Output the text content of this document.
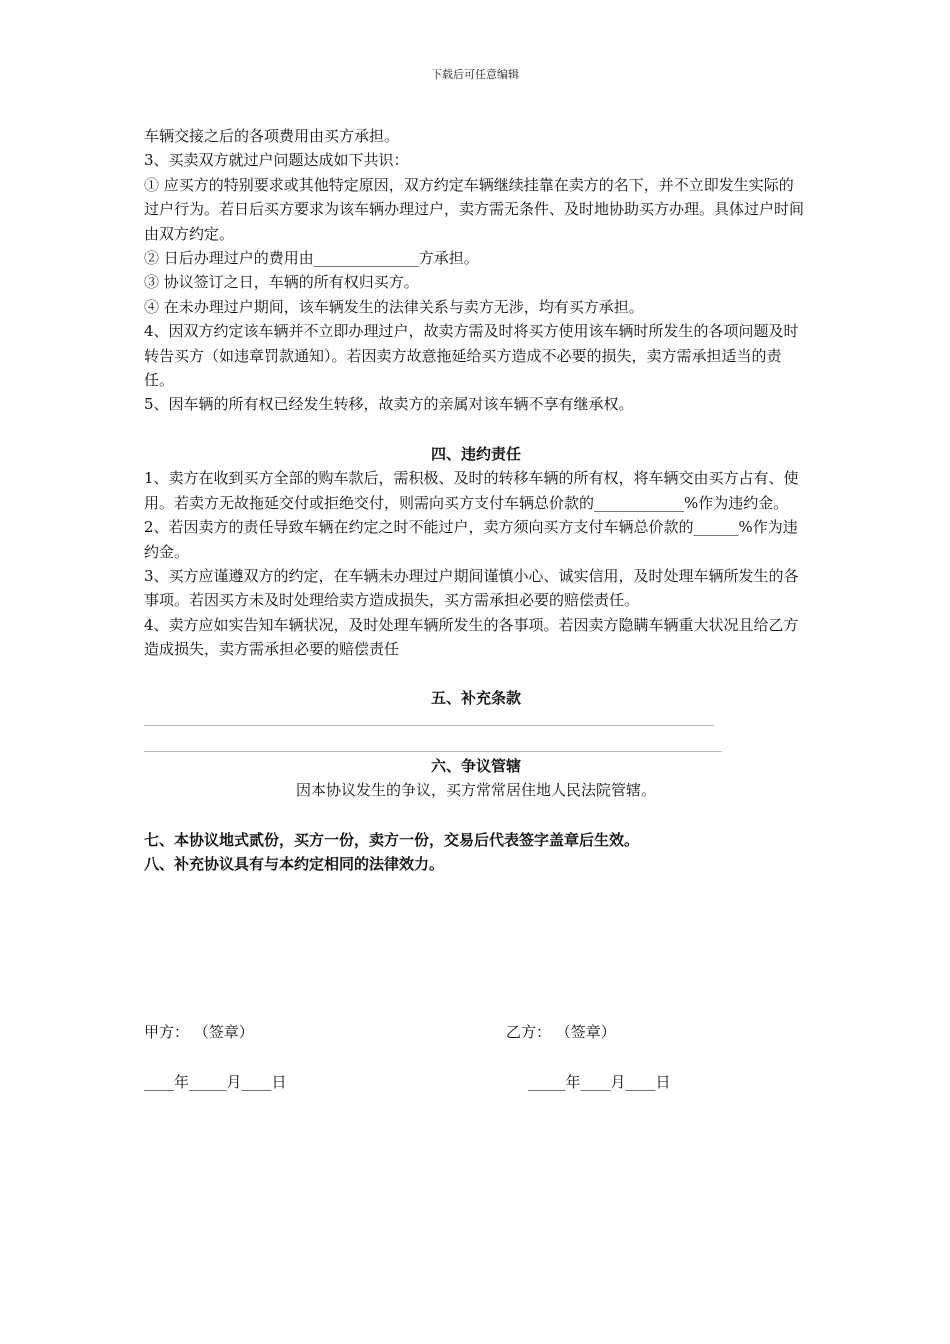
下载后可任意编辑

车辆交接之后的各项费用由买方承担。

3、买卖双方就过户问题达成如下共识：

① 应买方的特别要求或其他特定原因，双方约定车辆继续挂靠在卖方的名下，并不立即发生实际的过户行为。若日后买方要求为该车辆办理过户，卖方需无条件、及时地协助买方办理。具体过户时间由双方约定。

② 日后办理过户的费用由______________方承担。

③ 协议签订之日，车辆的所有权归买方。

④ 在未办理过户期间，该车辆发生的法律关系与卖方无涉，均有买方承担。

4、因双方约定该车辆并不立即办理过户，故卖方需及时将买方使用该车辆时所发生的各项问题及时转告买方（如违章罚款通知）。若因卖方故意拖延给买方造成不必要的损失，卖方需承担适当的责任。

5、因车辆的所有权已经发生转移，故卖方的亲属对该车辆不享有继承权。

四、违约责任

1、卖方在收到买方全部的购车款后，需积极、及时的转移车辆的所有权，将车辆交由买方占有、使用。若卖方无故拖延交付或拒绝交付，则需向买方支付车辆总价款的____________%作为违约金。

2、若因卖方的责任导致车辆在约定之时不能过户，卖方须向买方支付车辆总价款的______%作为违约金。

3、买方应谨遵双方的约定，在车辆未办理过户期间谨慎小心、诚实信用，及时处理车辆所发生的各事项。若因买方未及时处理给卖方造成损失，买方需承担必要的赔偿责任。

4、卖方应如实告知车辆状况，及时处理车辆所发生的各事项。若因卖方隐瞒车辆重大状况且给乙方造成损失，卖方需承担必要的赔偿责任

五、补充条款

六、争议管辖

因本协议发生的争议，买方常常居住地人民法院管辖。

七、本协议地式贰份，买方一份，卖方一份，交易后代表签字盖章后生效。

八、补充协议具有与本约定相同的法律效力。

甲方： （签章）	乙方： （签章）
____年_____月____日	_____年____月____日
